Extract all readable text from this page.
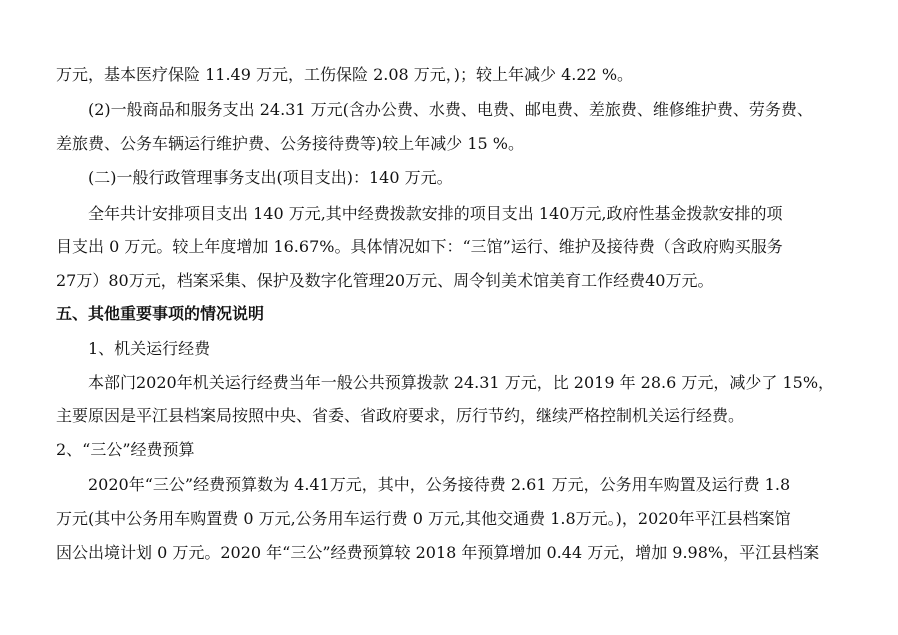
万元，基本医疗保险 11.49 万元，工伤保险 2.08 万元，)；较上年减少 4.22 %。
(2)一般商品和服务支出 24.31 万元(含办公费、水费、电费、邮电费、差旅费、维修维护费、劳务费、
差旅费、公务车辆运行维护费、公务接待费等)较上年减少 15 %。
(二)一般行政管理事务支出(项目支出)：140 万元。
全年共计安排项目支出 140 万元,其中经费拨款安排的项目支出 140万元,政府性基金拨款安排的项
目支出 0 万元。较上年度增加 16.67%。具体情况如下：“三馆”运行、维护及接待费（含政府购买服务
27万）80万元，档案采集、保护及数字化管理20万元、周令钊美术馆美育工作经费40万元。
五、其他重要事项的情况说明
1、机关运行经费
本部门2020年机关运行经费当年一般公共预算拨款 24.31 万元，比 2019 年 28.6 万元，减少了 15%，
主要原因是平江县档案局按照中央、省委、省政府要求，厉行节约，继续严格控制机关运行经费。
2、“三公”经费预算
2020年“三公”经费预算数为 4.41万元，其中，公务接待费 2.61 万元，公务用车购置及运行费 1.8
万元(其中公务用车购置费 0 万元,公务用车运行费 0 万元,其他交通费 1.8万元。)，2020年平江县档案馆
因公出境计划 0 万元。2020 年“三公”经费预算较 2018 年预算增加 0.44 万元，增加 9.98%，平江县档案
